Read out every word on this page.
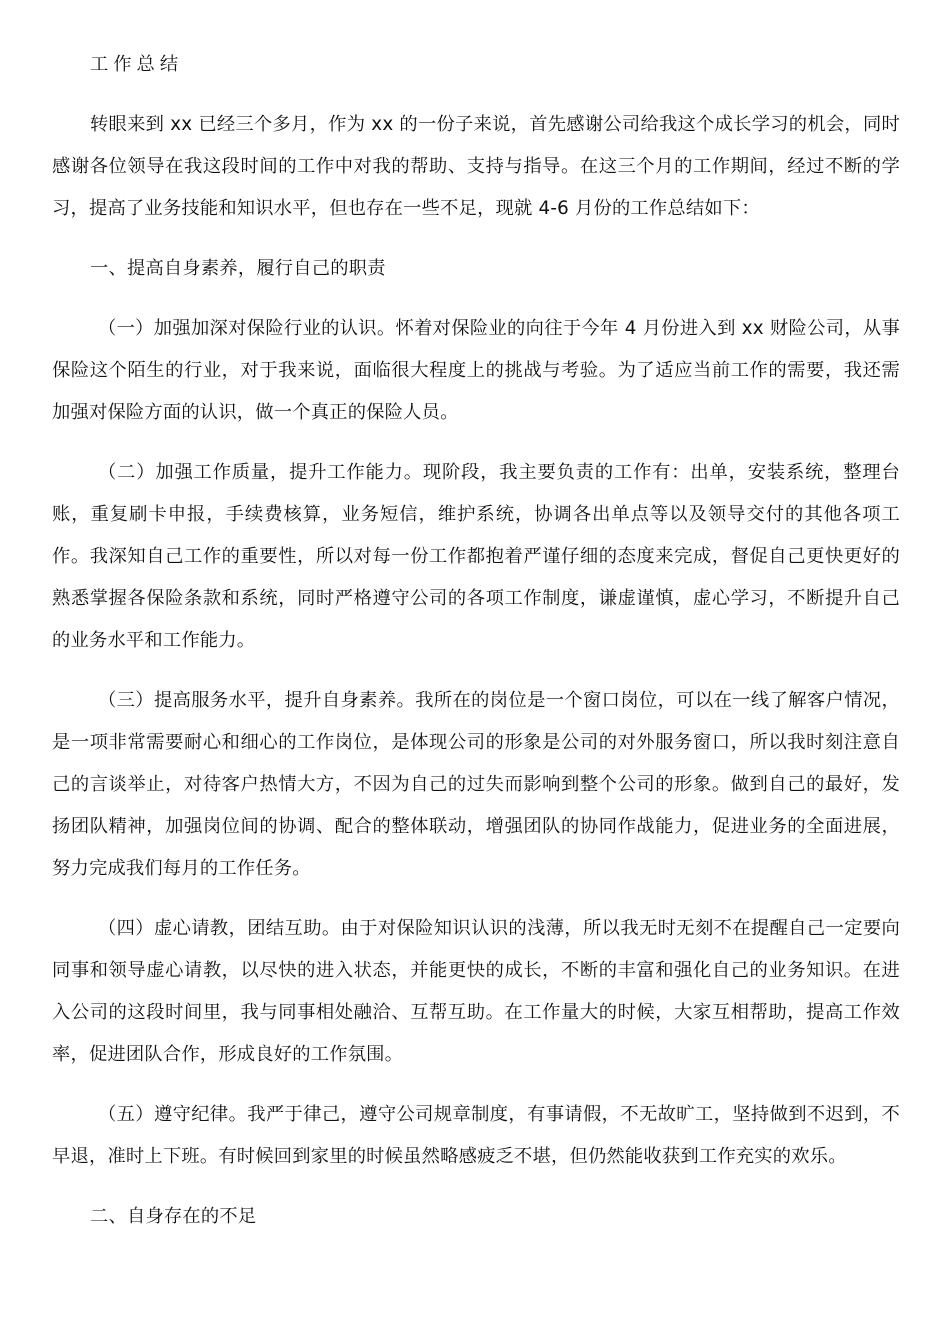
工作总结

转眼来到 xx 已经三个多月，作为 xx 的一份子来说，首先感谢公司给我这个成长学习的机会，同时感谢各位领导在我这段时间的工作中对我的帮助、支持与指导。在这三个月的工作期间，经过不断的学习，提高了业务技能和知识水平，但也存在一些不足，现就 4-6 月份的工作总结如下：

一、提高自身素养，履行自己的职责

（一）加强加深对保险行业的认识。怀着对保险业的向往于今年 4 月份进入到 xx 财险公司，从事保险这个陌生的行业，对于我来说，面临很大程度上的挑战与考验。为了适应当前工作的需要，我还需加强对保险方面的认识，做一个真正的保险人员。

（二）加强工作质量，提升工作能力。现阶段，我主要负责的工作有：出单，安装系统，整理台账，重复刷卡申报，手续费核算，业务短信，维护系统，协调各出单点等以及领导交付的其他各项工作。我深知自己工作的重要性，所以对每一份工作都抱着严谨仔细的态度来完成，督促自己更快更好的熟悉掌握各保险条款和系统，同时严格遵守公司的各项工作制度，谦虚谨慎，虚心学习，不断提升自己的业务水平和工作能力。

（三）提高服务水平，提升自身素养。我所在的岗位是一个窗口岗位，可以在一线了解客户情况，是一项非常需要耐心和细心的工作岗位，是体现公司的形象是公司的对外服务窗口，所以我时刻注意自己的言谈举止，对待客户热情大方，不因为自己的过失而影响到整个公司的形象。做到自己的最好，发扬团队精神，加强岗位间的协调、配合的整体联动，增强团队的协同作战能力，促进业务的全面进展，努力完成我们每月的工作任务。

（四）虚心请教，团结互助。由于对保险知识认识的浅薄，所以我无时无刻不在提醒自己一定要向同事和领导虚心请教，以尽快的进入状态，并能更快的成长，不断的丰富和强化自己的业务知识。在进入公司的这段时间里，我与同事相处融洽、互帮互助。在工作量大的时候，大家互相帮助，提高工作效率，促进团队合作，形成良好的工作氛围。

（五）遵守纪律。我严于律己，遵守公司规章制度，有事请假，不无故旷工，坚持做到不迟到，不早退，准时上下班。有时候回到家里的时候虽然略感疲乏不堪，但仍然能收获到工作充实的欢乐。

二、自身存在的不足
